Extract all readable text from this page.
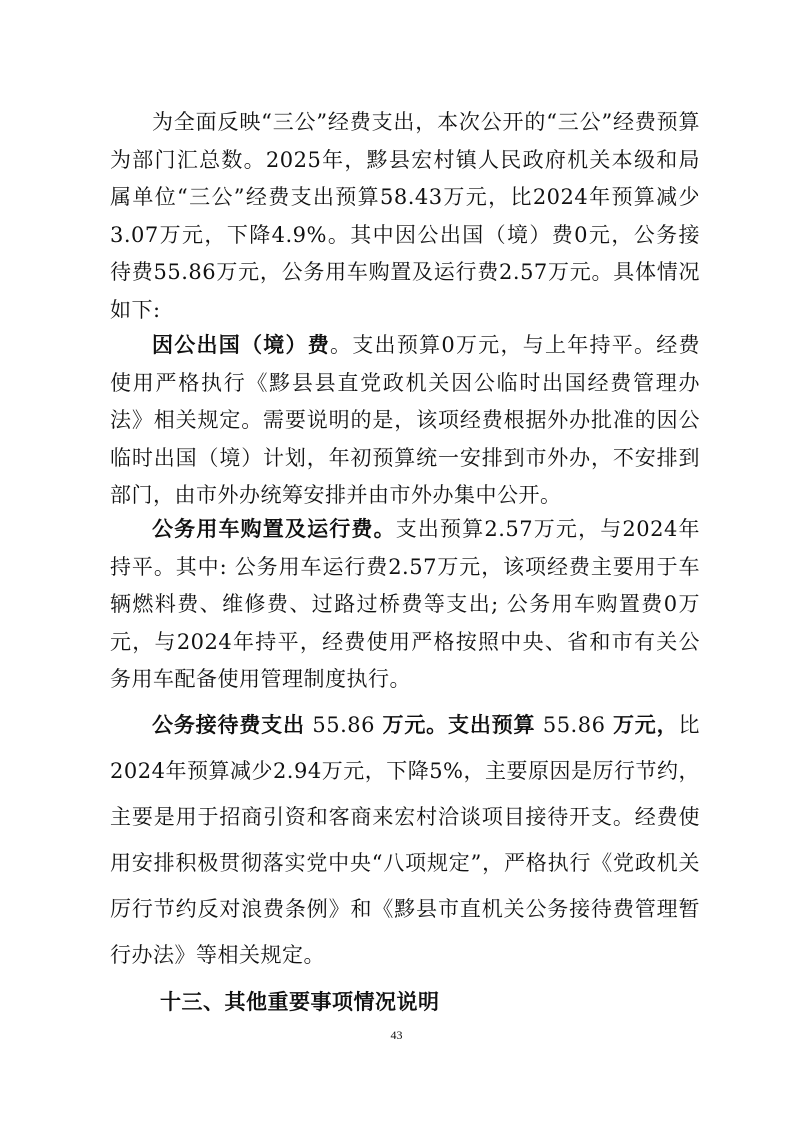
为全面反映“三公”经费支出，本次公开的“三公”经费预算为部门汇总数。2025年，黟县宏村镇人民政府机关本级和局属单位“三公”经费支出预算58.43万元，比2024年预算减少3.07万元，下降4.9%。其中因公出国（境）费0元，公务接待费55.86万元，公务用车购置及运行费2.57万元。具体情况如下:

因公出国（境）费。支出预算0万元，与上年持平。经费使用严格执行《黟县县直党政机关因公临时出国经费管理办法》相关规定。需要说明的是，该项经费根据外办批准的因公临时出国（境）计划，年初预算统一安排到市外办，不安排到部门，由市外办统筹安排并由市外办集中公开。

公务用车购置及运行费。支出预算2.57万元，与2024年持平。其中: 公务用车运行费2.57万元，该项经费主要用于车辆燃料费、维修费、过路过桥费等支出; 公务用车购置费0万元，与2024年持平，经费使用严格按照中央、省和市有关公务用车配备使用管理制度执行。

公务接待费支出 55.86 万元。支出预算 55.86 万元，比2024年预算减少2.94万元，下降5%，主要原因是厉行节约，主要是用于招商引资和客商来宏村洽谈项目接待开支。经费使用安排积极贯彻落实党中央“八项规定”，严格执行《党政机关厉行节约反对浪费条例》和《黟县市直机关公务接待费管理暂行办法》等相关规定。

十三、其他重要事项情况说明

43
